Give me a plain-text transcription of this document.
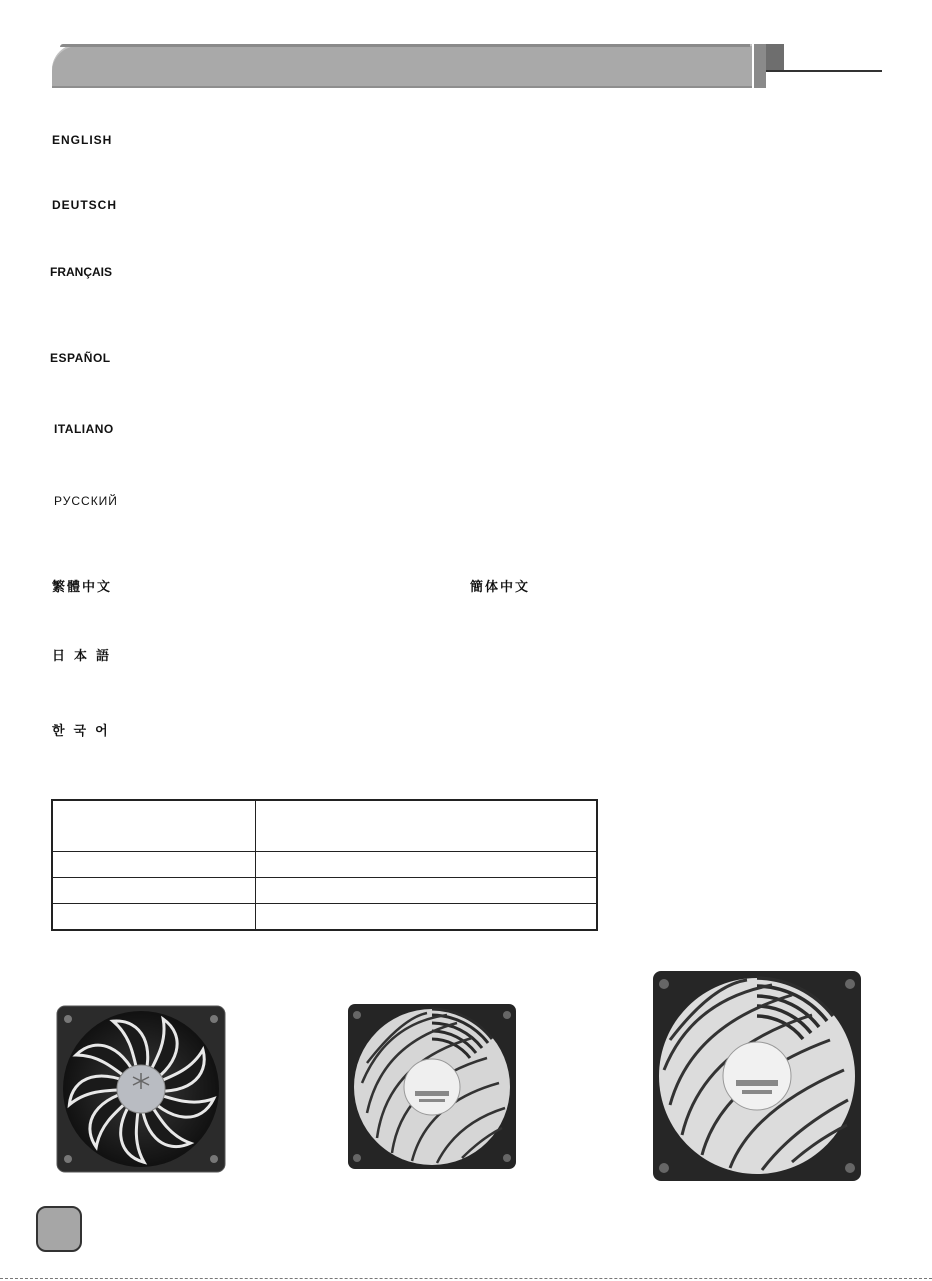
ENGLISH
DEUTSCH
FRANÇAIS
ESPAÑOL
ITALIANO
РУССКИЙ
繁體中文	簡体中文
日本語
한국어
